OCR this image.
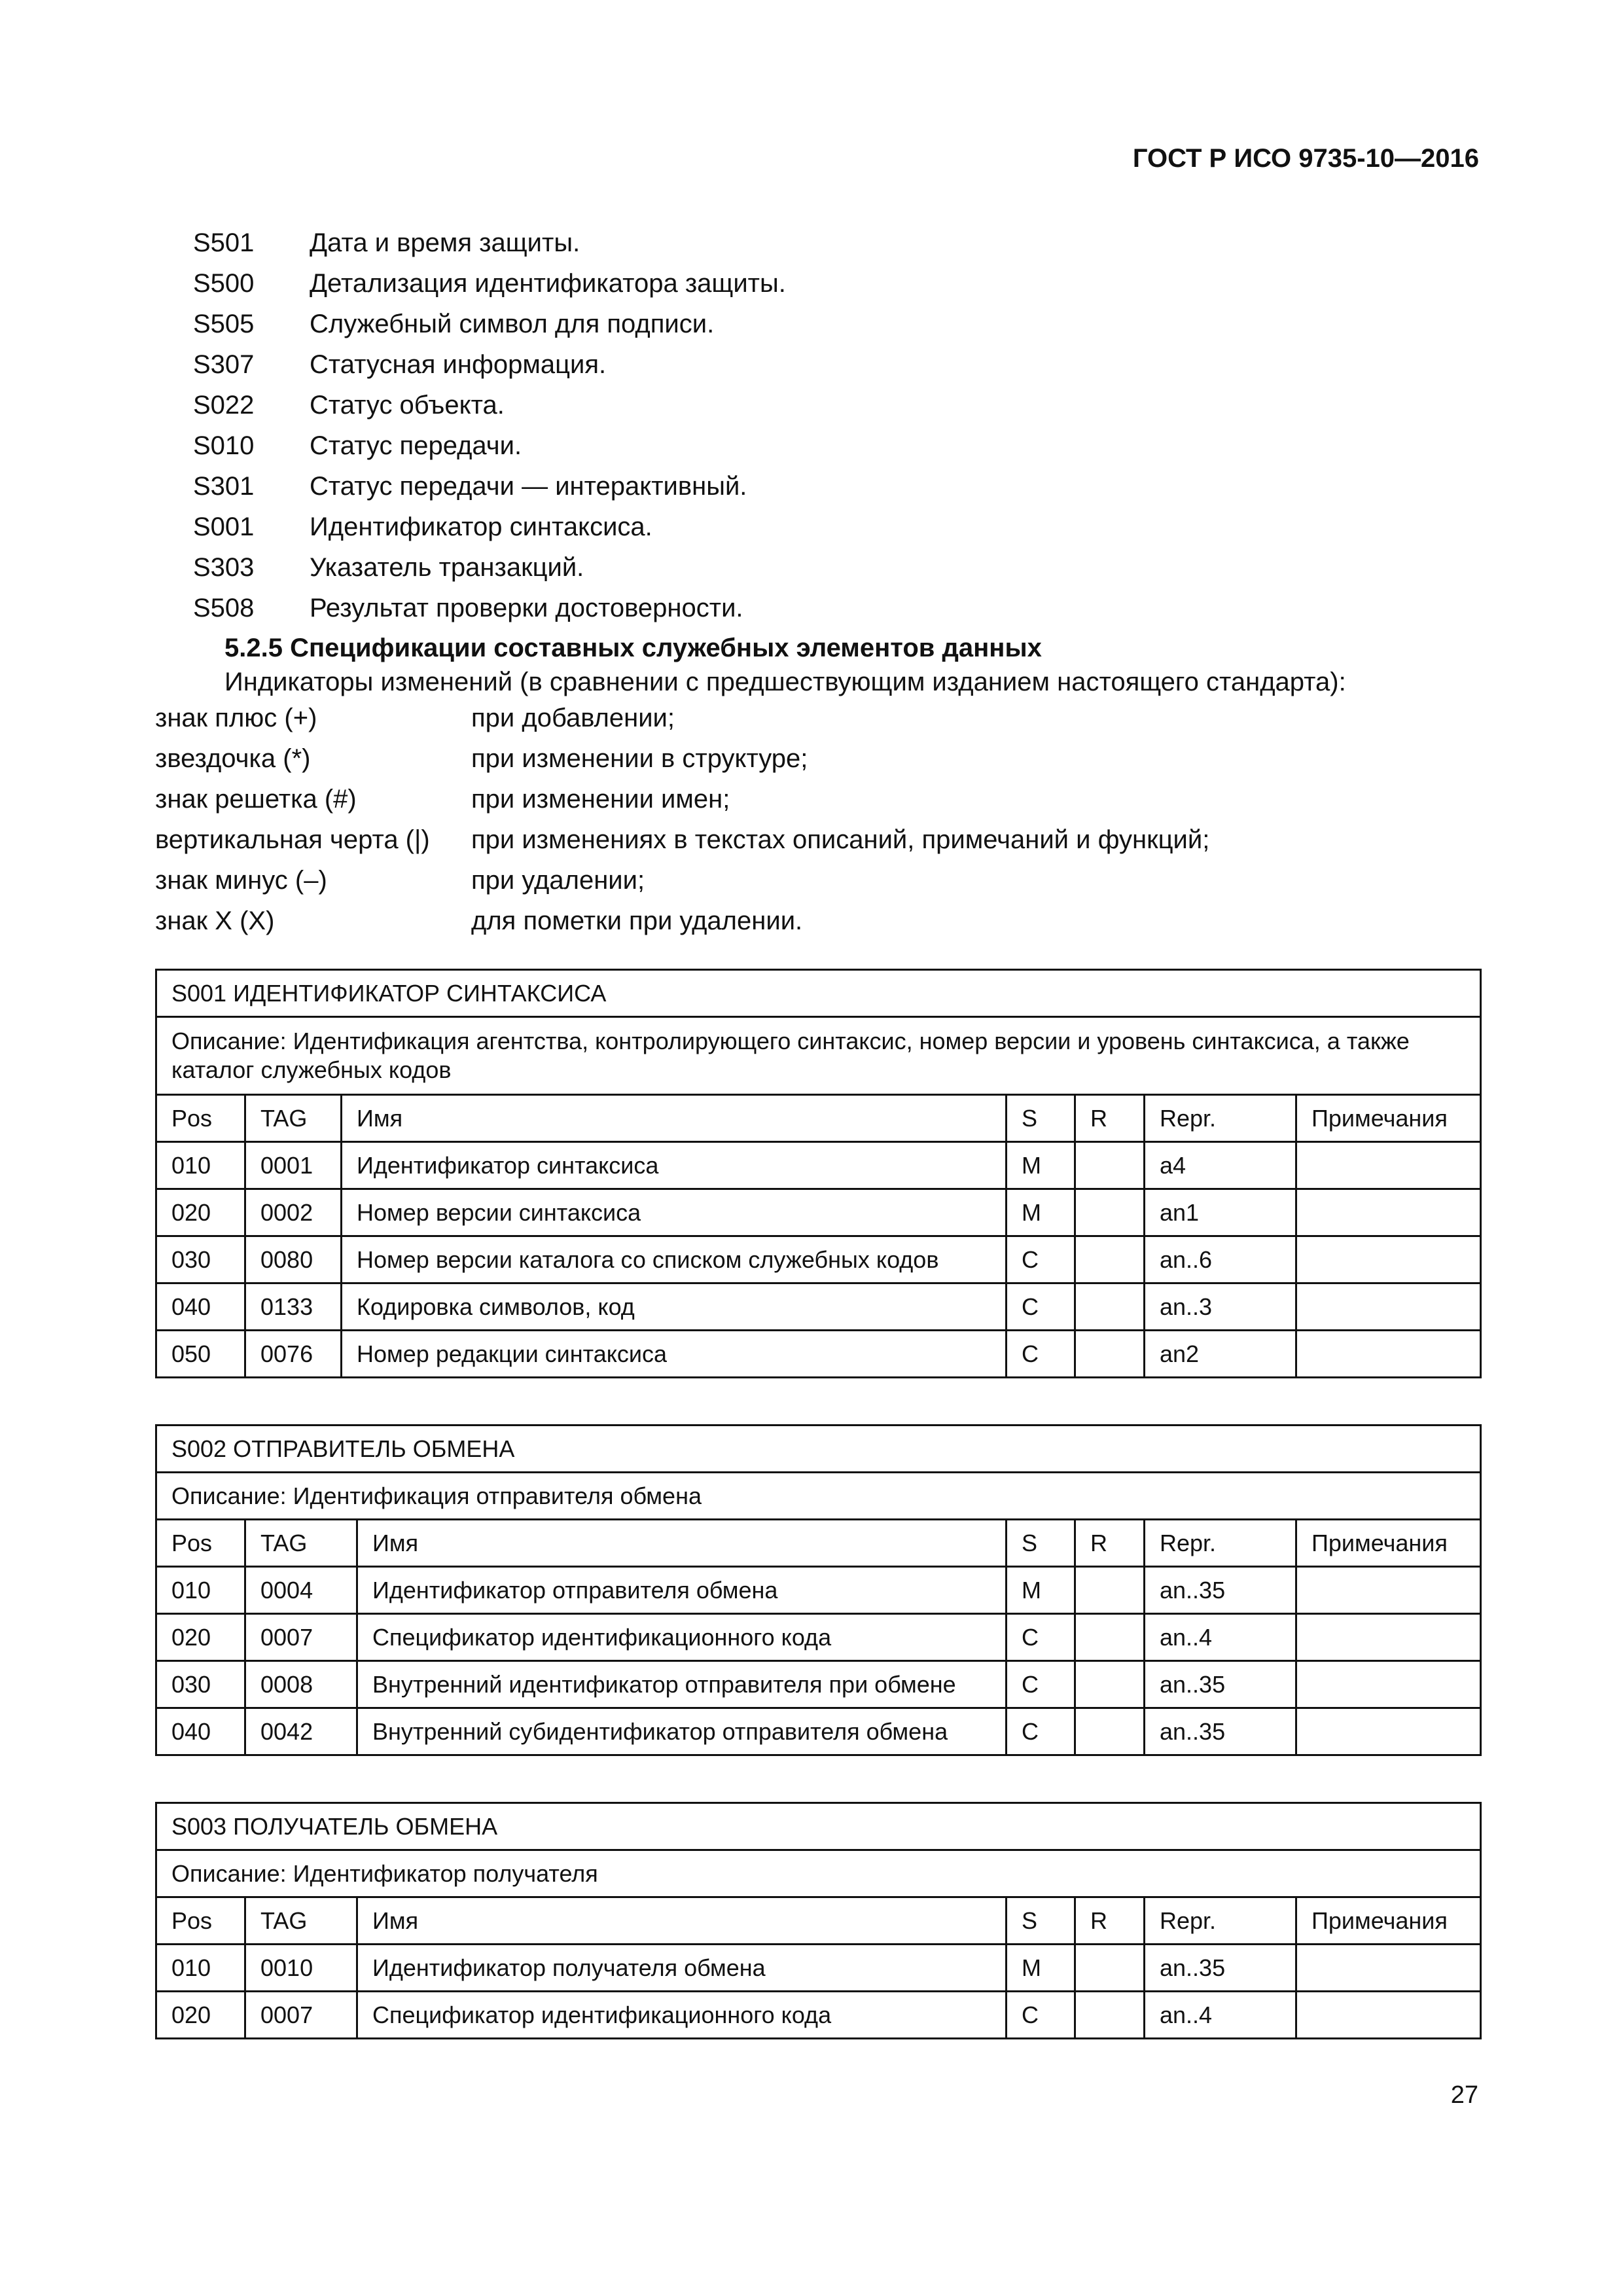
ГОСТ Р ИСО 9735-10—2016
S501	Дата и время защиты.
S500	Детализация идентификатора защиты.
S505	Служебный символ для подписи.
S307	Статусная информация.
S022	Статус объекта.
S010	Статус передачи.
S301	Статус передачи — интерактивный.
S001	Идентификатор синтаксиса.
S303	Указатель транзакций.
S508	Результат проверки достоверности.
5.2.5 Спецификации составных служебных элементов данных
Индикаторы изменений (в сравнении с предшествующим изданием настоящего стандарта):
знак плюс (+)	при добавлении;
звездочка (*)	при изменении в структуре;
знак решетка (#)	при изменении имен;
вертикальная черта (|)	при изменениях в текстах описаний, примечаний и функций;
знак минус (–)	при удалении;
знак X (X)	для пометки при удалении.
S001 ИДЕНТИФИКАТОР СИНТАКСИСА						
Описание: Идентификация агентства, контролирующего синтаксис, номер версии и уровень синтаксиса, а также каталог служебных кодов						
Pos	TAG	Имя	S	R	Repr.	Примечания
010	0001	Идентификатор синтаксиса	M		a4	
020	0002	Номер версии синтаксиса	M		an1	
030	0080	Номер версии каталога со списком служебных кодов	C		an..6	
040	0133	Кодировка символов, код	C		an..3	
050	0076	Номер редакции синтаксиса	C		an2	
S002 ОТПРАВИТЕЛЬ ОБМЕНА						
Описание: Идентификация отправителя обмена						
Pos	TAG	Имя	S	R	Repr.	Примечания
010	0004	Идентификатор отправителя обмена	M		an..35	
020	0007	Спецификатор идентификационного кода	C		an..4	
030	0008	Внутренний идентификатор отправителя при обмене	C		an..35	
040	0042	Внутренний субидентификатор отправителя обмена	C		an..35	
S003 ПОЛУЧАТЕЛЬ ОБМЕНА						
Описание: Идентификатор получателя						
Pos	TAG	Имя	S	R	Repr.	Примечания
010	0010	Идентификатор получателя обмена	M		an..35	
020	0007	Спецификатор идентификационного кода	C		an..4	
27
